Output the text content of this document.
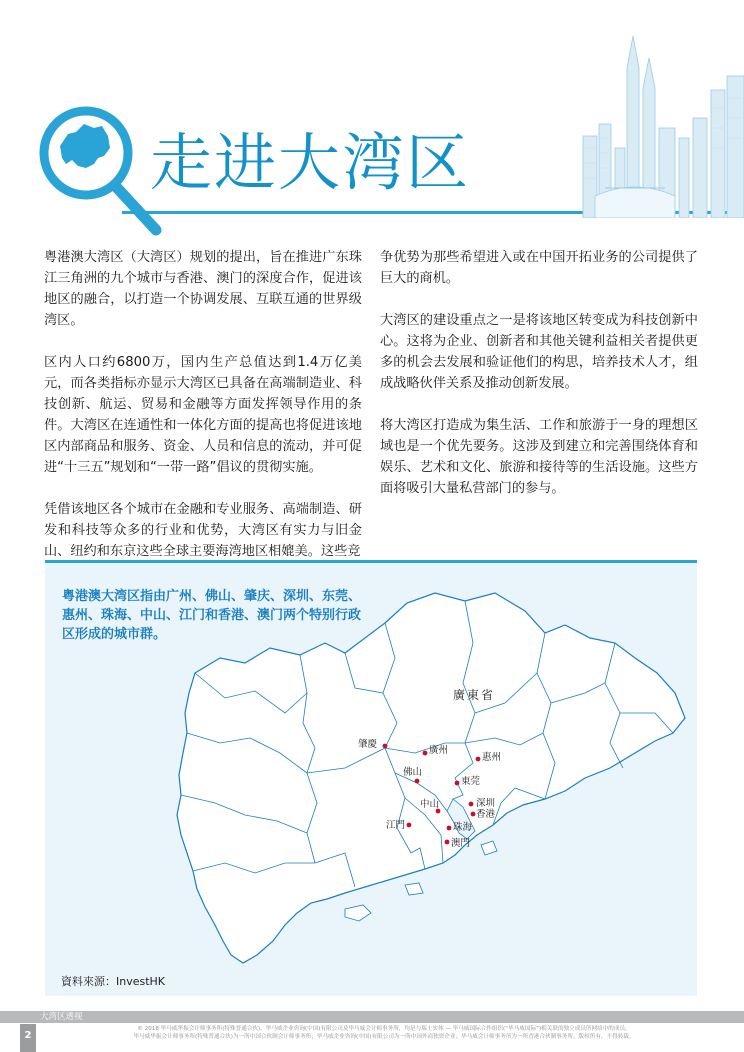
走进大湾区

粤港澳大湾区（大湾区）规划的提出，旨在推进广东珠江三角洲的九个城市与香港、澳门的深度合作，促进该地区的融合，以打造一个协调发展、互联互通的世界级湾区。

区内人口约6800万，国内生产总值达到1.4万亿美元，而各类指标亦显示大湾区已具备在高端制造业、科技创新、航运、贸易和金融等方面发挥领导作用的条件。大湾区在连通性和一体化方面的提高也将促进该地区内部商品和服务、资金、人员和信息的流动，并可促进“十三五”规划和“一带一路”倡议的贯彻实施。

凭借该地区各个城市在金融和专业服务、高端制造、研发和科技等众多的行业和优势，大湾区有实力与旧金山、纽约和东京这些全球主要海湾地区相媲美。这些竞

争优势为那些希望进入或在中国开拓业务的公司提供了巨大的商机。

大湾区的建设重点之一是将该地区转变成为科技创新中心。这将为企业、创新者和其他关键利益相关者提供更多的机会去发展和验证他们的构思，培养技术人才，组成战略伙伴关系及推动创新发展。

将大湾区打造成为集生活、工作和旅游于一身的理想区域也是一个优先要务。这涉及到建立和完善围绕体育和娱乐、艺术和文化、旅游和接待等的生活设施。这些方面将吸引大量私营部门的参与。

廣東省
肇慶
廣州
惠州
佛山
東莞
中山	深圳
香港
江門	珠海
澳門
粤港澳大湾区指由广州、佛山、肇庆、深圳、东莞、惠州、珠海、中山、江门和香港、澳门两个特别行政区形成的城市群。
資料來源：InvestHK
大湾区透视
2
© 2018 毕马威华振会计师事务所(特殊普通合伙)、毕马威企业咨询(中国)有限公司及毕马威会计师事务所，均是与瑞士实体 — 毕马威国际合作组织(“毕马威国际”)相关联的独立成员所网络中的成员。
毕马威华振会计师事务所(特殊普通合伙)为一所中国合伙制会计师事务所；毕马威企业咨询(中国)有限公司为一所中国外商独资企业；毕马威会计师事务所为一所香港合伙制事务所。版权所有，不得转载。
